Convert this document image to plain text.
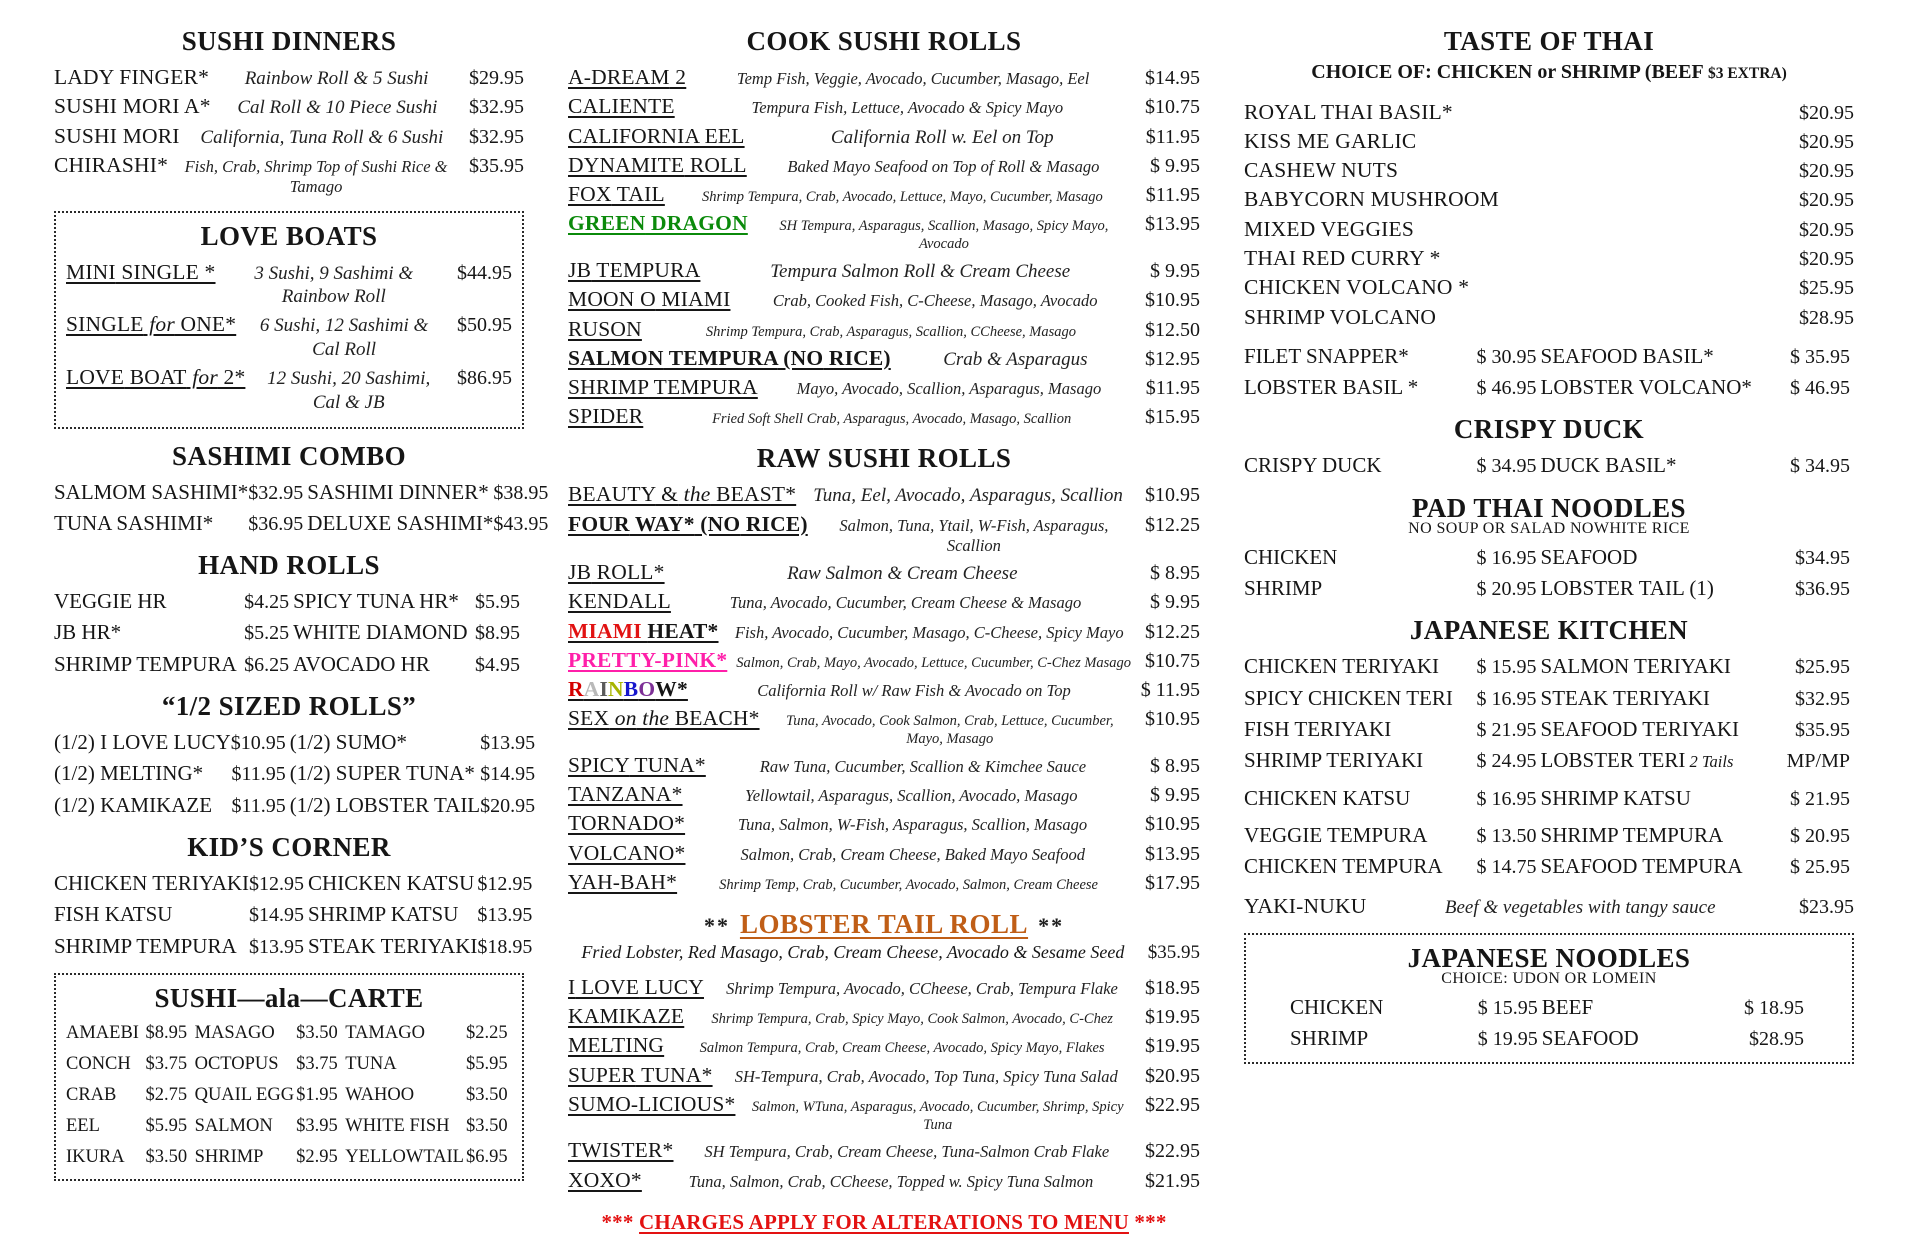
SUSHI DINNERS
LADY FINGER*	Rainbow Roll & 5 Sushi	$29.95
SUSHI MORI A*	Cal Roll & 10 Piece Sushi	$32.95
SUSHI MORI	California, Tuna Roll & 6 Sushi	$32.95
CHIRASHI* Fish, Crab, Shrimp Top of Sushi Rice & Tamago
$35.95
LOVE BOATS
MINI SINGLE *	3 Sushi, 9 Sashimi & Rainbow Roll
$44.95
SINGLE for ONE*	6 Sushi, 12 Sashimi & Cal Roll
$50.95
LOVE BOAT for 2*	12 Sushi, 20 Sashimi, Cal & JB
$86.95
SASHIMI COMBO
SALMOM SASHIMI* $32.95 SASHIMI DINNER* $38.95
TUNA SASHIMI*	$36.95 DELUXE SASHIMI* $43.95
HAND ROLLS
VEGGIE HR	$4.25 SPICY TUNA HR* $5.95
JB HR*	$5.25 WHITE DIAMOND $8.95
SHRIMP TEMPURA $6.25 AVOCADO HR	$4.95
“1/2 SIZED ROLLS”
(1/2) I LOVE LUCY $10.95 (1/2) SUMO*	$13.95
(1/2) MELTING*	$11.95 (1/2) SUPER TUNA* $14.95
(1/2) KAMIKAZE $11.95 (1/2) LOBSTER TAIL $20.95
KID’S CORNER
CHICKEN TERIYAKI $12.95 CHICKEN KATSU $12.95
FISH KATSU	$14.95 SHRIMP KATSU $13.95
SHRIMP TEMPURA $13.95 STEAK TERIYAKI $18.95
SUSHI—ala—CARTE
AMAEBI $8.95 MASAGO	$3.50 TAMAGO	$2.25
CONCH $3.75 OCTOPUS $3.75 TUNA	$5.95
CRAB	$2.75 QUAIL EGG $1.95 WAHOO	$3.50
EEL	$5.95 SALMON	$3.95 WHITE FISH $3.50
IKURA	$3.50 SHRIMP	$2.95 YELLOWTAIL $6.95
COOK SUSHI ROLLS
A-DREAM 2	Temp Fish, Veggie, Avocado, Cucumber, Masago, Eel	$14.95
CALIENTE	Tempura Fish, Lettuce, Avocado & Spicy Mayo	$10.75
CALIFORNIA EEL	California Roll w. Eel on Top	$11.95
DYNAMITE ROLL	Baked Mayo Seafood on Top of Roll & Masago	$ 9.95
FOX TAIL	Shrimp Tempura, Crab, Avocado, Lettuce, Mayo, Cucumber, Masago	$11.95
GREEN DRAGON	SH Tempura, Asparagus, Scallion, Masago, Spicy Mayo, Avocado
$13.95
JB TEMPURA	Tempura Salmon Roll & Cream Cheese	$ 9.95
MOON O MIAMI	Crab, Cooked Fish, C-Cheese, Masago, Avocado	$10.95
RUSON	Shrimp Tempura, Crab, Asparagus, Scallion, CCheese, Masago	$12.50
SALMON TEMPURA (NO RICE)	Crab & Asparagus	$12.95
SHRIMP TEMPURA	Mayo, Avocado, Scallion, Asparagus, Masago	$11.95
SPIDER	Fried Soft Shell Crab, Asparagus, Avocado, Masago, Scallion	$15.95
RAW SUSHI ROLLS
BEAUTY & the BEAST* Tuna, Eel, Avocado, Asparagus, Scallion	$10.95
FOUR WAY* (NO RICE)	Salmon, Tuna, Ytail, W-Fish, Asparagus, Scallion
$12.25
JB ROLL*	Raw Salmon & Cream Cheese	$ 8.95
KENDALL	Tuna, Avocado, Cucumber, Cream Cheese & Masago	$ 9.95
MIAMI HEAT* Fish, Avocado, Cucumber, Masago, C-Cheese, Spicy Mayo	$12.25
PRETTY-PINK* Salmon, Crab, Mayo, Avocado, Lettuce, Cucumber, C-Chez Masago $10.75
RAINBOW*	California Roll w/ Raw Fish & Avocado on Top	$ 11.95
SEX on the BEACH*	Tuna, Avocado, Cook Salmon, Crab, Lettuce, Cucumber, Mayo, Masago
$10.95
SPICY TUNA*	Raw Tuna, Cucumber, Scallion & Kimchee Sauce	$ 8.95
TANZANA*	Yellowtail, Asparagus, Scallion, Avocado, Masago	$ 9.95
TORNADO*	Tuna, Salmon, W-Fish, Asparagus, Scallion, Masago	$10.95
VOLCANO*	Salmon, Crab, Cream Cheese, Baked Mayo Seafood	$13.95
YAH-BAH*	Shrimp Temp, Crab, Cucumber, Avocado, Salmon, Cream Cheese	$17.95
** LOBSTER TAIL ROLL **
Fried Lobster, Red Masago, Crab, Cream Cheese, Avocado & Sesame Seed	$35.95
I LOVE LUCY	Shrimp Tempura, Avocado, CCheese, Crab, Tempura Flake	$18.95
KAMIKAZE	Shrimp Tempura, Crab, Spicy Mayo, Cook Salmon, Avocado, C-Chez	$19.95
MELTING	Salmon Tempura, Crab, Cream Cheese, Avocado, Spicy Mayo, Flakes	$19.95
SUPER TUNA*	SH-Tempura, Crab, Avocado, Top Tuna, Spicy Tuna Salad	$20.95
SUMO-LICIOUS*	Salmon, WTuna, Asparagus, Avocado, Cucumber, Shrimp, Spicy Tuna
$22.95
TWISTER*	SH Tempura, Crab, Cream Cheese, Tuna-Salmon Crab Flake	$22.95
XOXO*	Tuna, Salmon, Crab, CCheese, Topped w. Spicy Tuna Salmon	$21.95
*** CHARGES APPLY FOR ALTERATIONS TO MENU ***
TASTE OF THAI
CHOICE OF: CHICKEN or SHRIMP (BEEF $3 EXTRA)
ROYAL THAI BASIL*	$20.95
KISS ME GARLIC	$20.95
CASHEW NUTS	$20.95
BABYCORN MUSHROOM	$20.95
MIXED VEGGIES	$20.95
THAI RED CURRY *	$20.95
CHICKEN VOLCANO *	$25.95
SHRIMP VOLCANO	$28.95
FILET SNAPPER*	$ 30.95 SEAFOOD BASIL*	$ 35.95
LOBSTER BASIL *	$ 46.95 LOBSTER VOLCANO*	$ 46.95
CRISPY DUCK
CRISPY DUCK	$ 34.95 DUCK BASIL*	$ 34.95
PAD THAI NOODLES
NO SOUP OR SALAD NOWHITE RICE
CHICKEN	$ 16.95 SEAFOOD	$34.95
SHRIMP	$ 20.95 LOBSTER TAIL (1)	$36.95
JAPANESE KITCHEN
CHICKEN TERIYAKI	$ 15.95 SALMON TERIYAKI	$25.95
SPICY CHICKEN TERI	$ 16.95 STEAK TERIYAKI	$32.95
FISH TERIYAKI	$ 21.95 SEAFOOD TERIYAKI	$35.95
SHRIMP TERIYAKI	$ 24.95 LOBSTER TERI 2 Tails	MP/MP
CHICKEN KATSU	$ 16.95 SHRIMP KATSU	$ 21.95
VEGGIE TEMPURA	$ 13.50 SHRIMP TEMPURA	$ 20.95
CHICKEN TEMPURA	$ 14.75 SEAFOOD TEMPURA	$ 25.95
YAKI-NUKU	Beef & vegetables with tangy sauce	$23.95
JAPANESE NOODLES
CHOICE: UDON OR LOMEIN
CHICKEN	$ 15.95 BEEF	$ 18.95
SHRIMP	$ 19.95 SEAFOOD	$28.95
